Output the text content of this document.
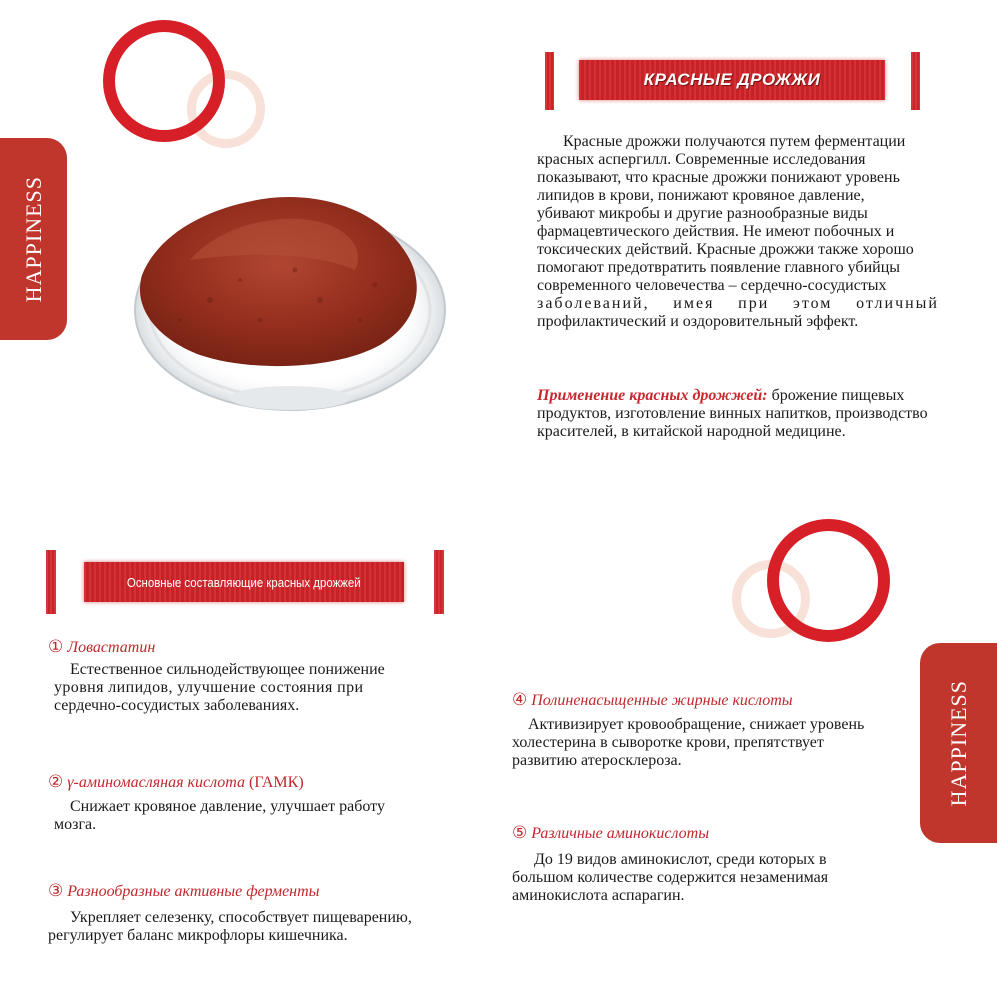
HAPPINESS
КРАСНЫЕ ДРОЖЖИ

Красные дрожжи получаются путем ферментации

красных аспергилл. Современные исследования

показывают, что красные дрожжи понижают уровень

липидов в крови, понижают кровяное давление,

убивают микробы и другие разнообразные виды

фармацевтического действия. Не имеют побочных и

токсических действий. Красные дрожжи также хорошо

помогают предотвратить появление главного убийцы

современного человечества – сердечно-сосудистых

заболеваний, имея при этом отличный

профилактический и оздоровительный эффект.

Применение красных дрожжей: брожение пищевых

продуктов, изготовление винных напитков, производство

красителей, в китайской народной медицине.

Основные составляющие красных дрожжей
HAPPINESS
① Ловастатин

Естественное сильнодействующее понижение

уровня липидов, улучшение состояния при

сердечно-сосудистых заболеваниях.

② γ-аминомасляная кислота (ГАМК)

Снижает кровяное давление, улучшает работу

мозга.

③ Разнообразные активные ферменты

Укрепляет селезенку, способствует пищеварению,

регулирует баланс микрофлоры кишечника.

④ Полиненасыщенные жирные кислоты

Активизирует кровообращение, снижает уровень

холестерина в сыворотке крови, препятствует

развитию атеросклероза.

⑤ Различные аминокислоты

До 19 видов аминокислот, среди которых в

большом количестве содержится незаменимая

аминокислота аспарагин.
